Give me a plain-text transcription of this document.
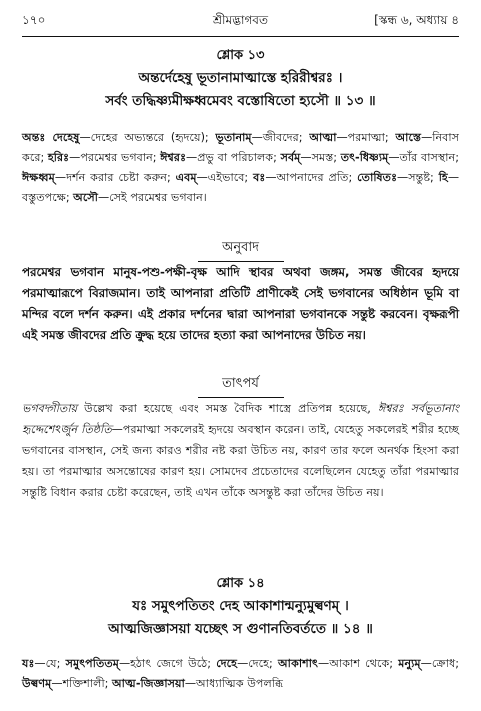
১৭০	শ্রীমদ্ভাগবত	[স্কন্ধ ৬, অধ্যায় ৪
শ্লোক ১৩
অন্তর্দেহেষু ভূতানামাত্মাস্তে হরিরীশ্বরঃ ।
সর্বং তদ্ধিষ্ণ্যমীক্ষধ্বমেবং বস্তোষিতো হ্যসৌ ॥ ১৩ ॥
অন্তঃ দেহেষু—দেহের অভ্যন্তরে (হৃদয়ে); ভূতানাম্—জীবদের; আত্মা—পরমাত্মা; আস্তে—নিবাস করে; হরিঃ—পরমেশ্বর ভগবান; ঈশ্বরঃ—প্রভু বা পরিচালক; সর্বম্—সমস্ত; তৎ-ধিষ্ণ্যম্—তাঁর বাসস্থান; ঈক্ষধ্বম্—দর্শন করার চেষ্টা করুন; এবম্—এইভাবে; বঃ—আপনাদের প্রতি; তোষিতঃ—সন্তুষ্ট; হি—বস্তুতপক্ষে; অসৌ—সেই পরমেশ্বর ভগবান।
অনুবাদ
পরমেশ্বর ভগবান মানুষ-পশু-পক্ষী-বৃক্ষ আদি স্থাবর অথবা জঙ্গম, সমস্ত জীবের হৃদয়ে পরমাত্মারূপে বিরাজমান। তাই আপনারা প্রতিটি প্রাণীকেই সেই ভগবানের অধিষ্ঠান ভূমি বা মন্দির বলে দর্শন করুন। এই প্রকার দর্শনের দ্বারা আপনারা ভগবানকে সন্তুষ্ট করবেন। বৃক্ষরূপী এই সমস্ত জীবদের প্রতি ক্রুদ্ধ হয়ে তাদের হত্যা করা আপনাদের উচিত নয়।
তাৎপর্য
ভগবদ্গীতায় উল্লেখ করা হয়েছে এবং সমস্ত বৈদিক শাস্ত্রে প্রতিপন্ন হয়েছে, ঈশ্বরঃ সর্বভূতানাং হৃদ্দেশেঽর্জুন তিষ্ঠতি—পরমাত্মা সকলেরই হৃদয়ে অবস্থান করেন। তাই, যেহেতু সকলেরই শরীর হচ্ছে ভগবানের বাসস্থান, সেই জন্য কারও শরীর নষ্ট করা উচিত নয়, কারণ তার ফলে অনর্থক হিংসা করা হয়। তা পরমাত্মার অসন্তোষের কারণ হয়। সোমদেব প্রচেতাদের বলেছিলেন যেহেতু তাঁরা পরমাত্মার সন্তুষ্টি বিধান করার চেষ্টা করেছেন, তাই এখন তাঁকে অসন্তুষ্ট করা তাঁদের উচিত নয়।
শ্লোক ১৪
যঃ সমুৎপতিতং দেহ আকাশান্মন্যুমুল্বণম্ ।
আত্মজিজ্ঞাসয়া যচ্ছেৎ স গুণানতিবর্ততে ॥ ১৪ ॥
যঃ—যে; সমুৎপতিতম্—হঠাৎ জেগে উঠে; দেহে—দেহে; আকাশাৎ—আকাশ থেকে; মন্যুম্—ক্রোধ; উল্বণম্—শক্তিশালী; আত্ম-জিজ্ঞাসয়া—আধ্যাত্মিক উপলব্ধি
